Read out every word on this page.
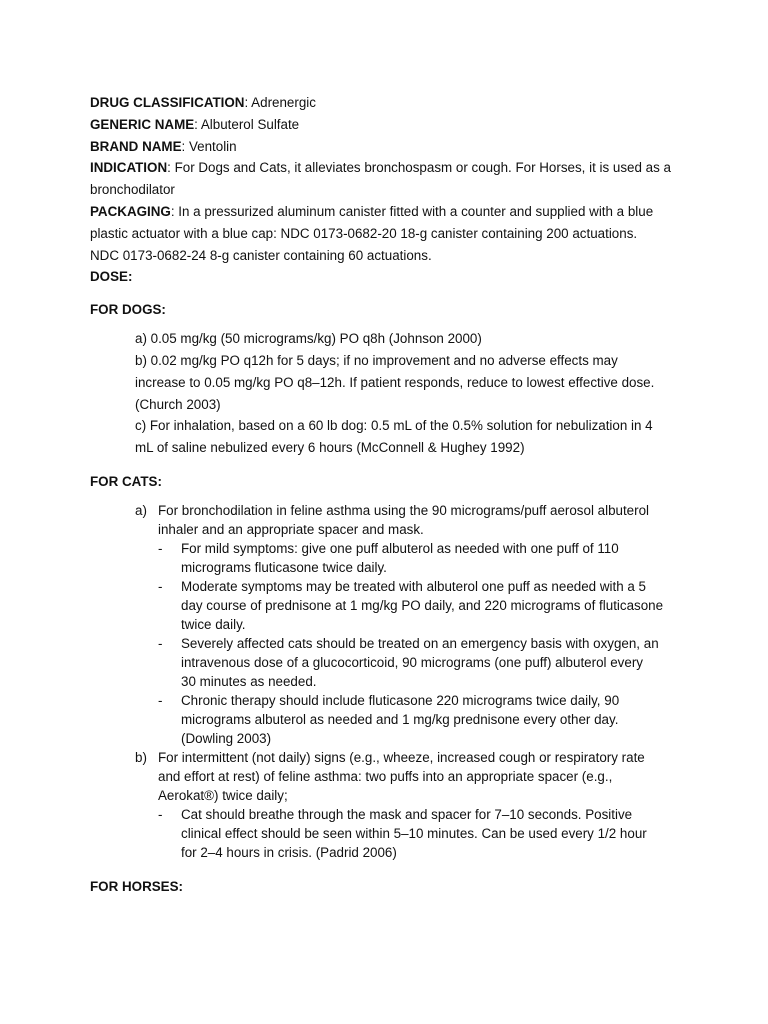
DRUG CLASSIFICATION: Adrenergic

GENERIC NAME: Albuterol Sulfate

BRAND NAME: Ventolin

INDICATION: For Dogs and Cats, it alleviates bronchospasm or cough. For Horses, it is used as a

bronchodilator

PACKAGING: In a pressurized aluminum canister fitted with a counter and supplied with a blue

plastic actuator with a blue cap: NDC 0173-0682-20 18-g canister containing 200 actuations.

NDC 0173-0682-24 8-g canister containing 60 actuations.

DOSE:

FOR DOGS:

a) 0.05 mg/kg (50 micrograms/kg) PO q8h (Johnson 2000)

b) 0.02 mg/kg PO q12h for 5 days; if no improvement and no adverse effects may

increase to 0.05 mg/kg PO q8–12h. If patient responds, reduce to lowest effective dose.

(Church 2003)

c) For inhalation, based on a 60 lb dog: 0.5 mL of the 0.5% solution for nebulization in 4

mL of saline nebulized every 6 hours (McConnell & Hughey 1992)

FOR CATS:

a) For bronchodilation in feline asthma using the 90 micrograms/puff aerosol albuterol

inhaler and an appropriate spacer and mask.

-	For mild symptoms: give one puff albuterol as needed with one puff of 110

micrograms fluticasone twice daily.

-	Moderate symptoms may be treated with albuterol one puff as needed with a 5

day course of prednisone at 1 mg/kg PO daily, and 220 micrograms of fluticasone

twice daily.

-	Severely affected cats should be treated on an emergency basis with oxygen, an

intravenous dose of a glucocorticoid, 90 micrograms (one puff) albuterol every

30 minutes as needed.

-	Chronic therapy should include fluticasone 220 micrograms twice daily, 90

micrograms albuterol as needed and 1 mg/kg prednisone every other day.

(Dowling 2003)

b) For intermittent (not daily) signs (e.g., wheeze, increased cough or respiratory rate

and effort at rest) of feline asthma: two puffs into an appropriate spacer (e.g.,

Aerokat®) twice daily;

-	Cat should breathe through the mask and spacer for 7–10 seconds. Positive

clinical effect should be seen within 5–10 minutes. Can be used every 1/2 hour

for 2–4 hours in crisis. (Padrid 2006)

FOR HORSES:
